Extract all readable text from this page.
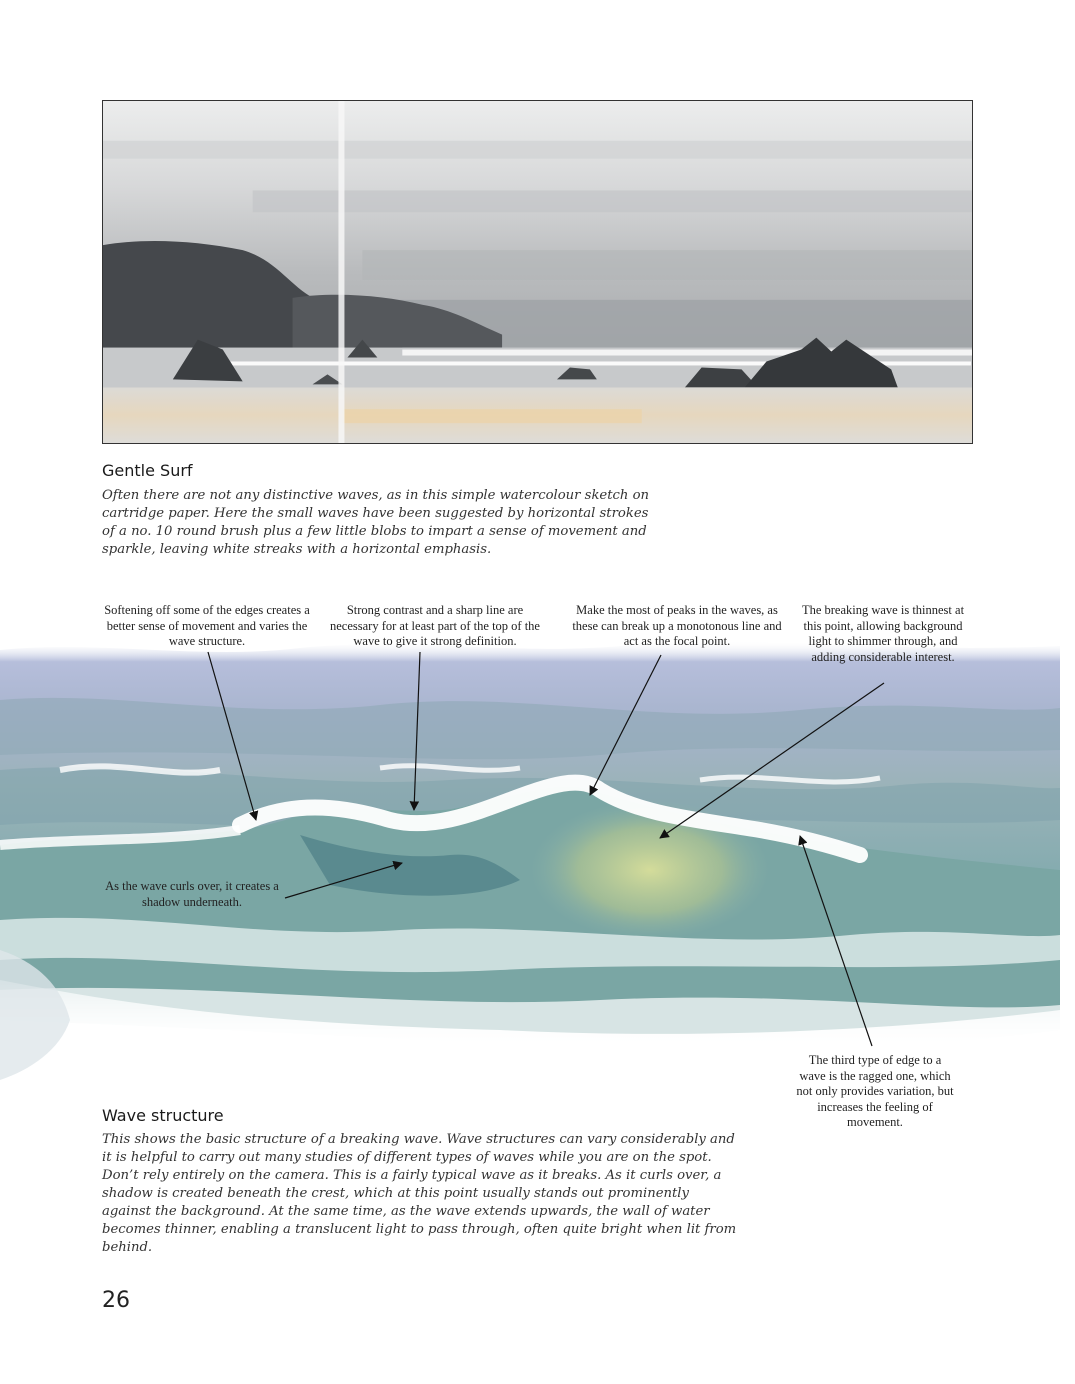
Gentle Surf
Often there are not any distinctive waves, as in this simple watercolour sketch on cartridge paper. Here the small waves have been suggested by horizontal strokes of a no. 10 round brush plus a few little blobs to impart a sense of movement and sparkle, leaving white streaks with a horizontal emphasis.
Softening off some of the edges creates a better sense of movement and varies the wave structure.
Strong contrast and a sharp line are necessary for at least part of the top of the wave to give it strong definition.
Make the most of peaks in the waves, as these can break up a monotonous line and act as the focal point.
The breaking wave is thinnest at this point, allowing background light to shimmer through, and adding considerable interest.
As the wave curls over, it creates a shadow underneath.
The third type of edge to a wave is the ragged one, which not only provides variation, but increases the feeling of movement.
Wave structure
This shows the basic structure of a breaking wave. Wave structures can vary considerably and it is helpful to carry out many studies of different types of waves while you are on the spot. Don’t rely entirely on the camera. This is a fairly typical wave as it breaks. As it curls over, a shadow is created beneath the crest, which at this point usually stands out prominently against the background. At the same time, as the wave extends upwards, the wall of water becomes thinner, enabling a translucent light to pass through, often quite bright when lit from behind.
26
